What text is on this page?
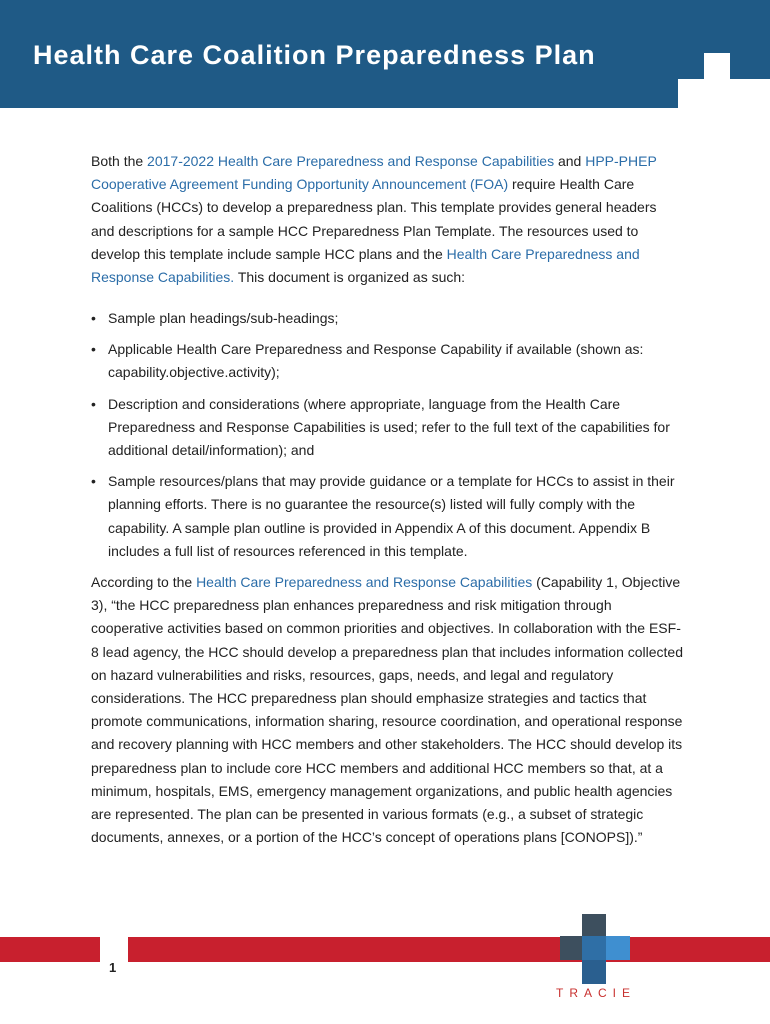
Health Care Coalition Preparedness Plan

Both the 2017-2022 Health Care Preparedness and Response Capabilities and HPP-PHEP Cooperative Agreement Funding Opportunity Announcement (FOA) require Health Care Coalitions (HCCs) to develop a preparedness plan. This template provides general headers and descriptions for a sample HCC Preparedness Plan Template. The resources used to develop this template include sample HCC plans and the Health Care Preparedness and Response Capabilities. This document is organized as such:

• Sample plan headings/sub-headings;
• Applicable Health Care Preparedness and Response Capability if available (shown as: capability.objective.activity);
• Description and considerations (where appropriate, language from the Health Care Preparedness and Response Capabilities is used; refer to the full text of the capabilities for additional detail/information); and
• Sample resources/plans that may provide guidance or a template for HCCs to assist in their planning efforts. There is no guarantee the resource(s) listed will fully comply with the capability. A sample plan outline is provided in Appendix A of this document. Appendix B includes a full list of resources referenced in this template.

According to the Health Care Preparedness and Response Capabilities (Capability 1, Objective 3), “the HCC preparedness plan enhances preparedness and risk mitigation through cooperative activities based on common priorities and objectives. In collaboration with the ESF-8 lead agency, the HCC should develop a preparedness plan that includes information collected on hazard vulnerabilities and risks, resources, gaps, needs, and legal and regulatory considerations. The HCC preparedness plan should emphasize strategies and tactics that promote communications, information sharing, resource coordination, and operational response and recovery planning with HCC members and other stakeholders. The HCC should develop its preparedness plan to include core HCC members and additional HCC members so that, at a minimum, hospitals, EMS, emergency management organizations, and public health agencies are represented. The plan can be presented in various formats (e.g., a subset of strategic documents, annexes, or a portion of the HCC’s concept of operations plans [CONOPS]).”

1
TRACIE
